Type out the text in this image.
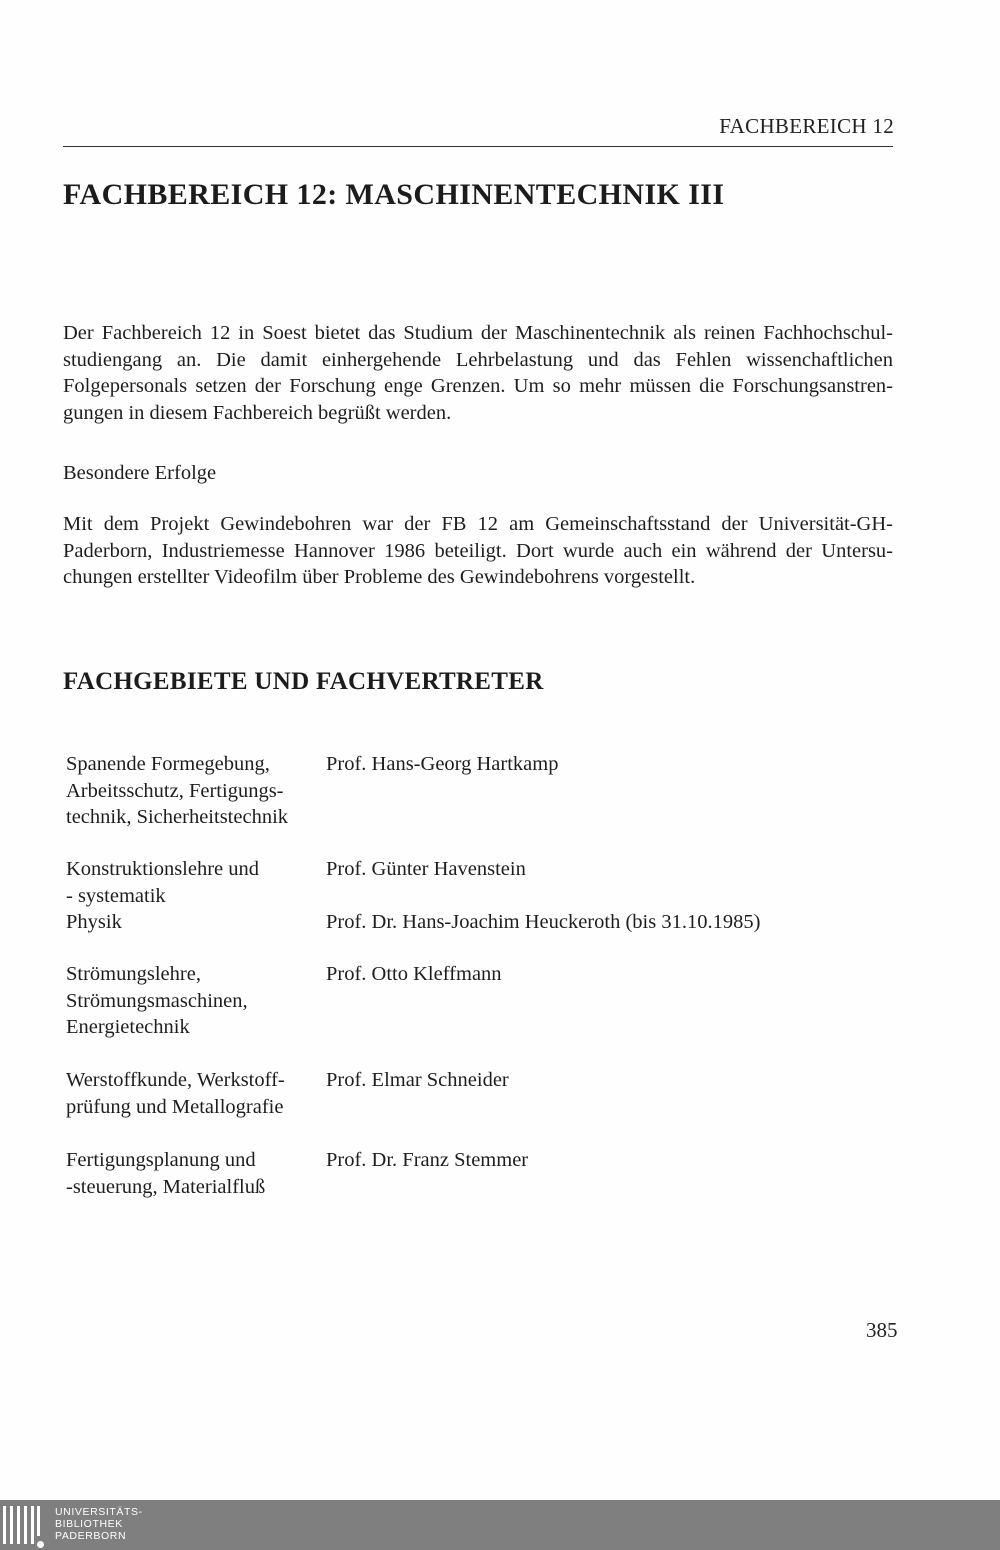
FACHBEREICH 12
FACHBEREICH 12: MASCHINENTECHNIK III

Der Fachbereich 12 in Soest bietet das Studium der Maschinentechnik als reinen Fachhochschul-studiengang an. Die damit einhergehende Lehrbelastung und das Fehlen wissenchaftlichen Folgepersonals setzen der Forschung enge Grenzen. Um so mehr müssen die Forschungsanstren-gungen in diesem Fachbereich begrüßt werden.

Besondere Erfolge

Mit dem Projekt Gewindebohren war der FB 12 am Gemeinschaftsstand der Universität-GH-Paderborn, Industriemesse Hannover 1986 beteiligt. Dort wurde auch ein während der Untersu-chungen erstellter Videofilm über Probleme des Gewindebohrens vorgestellt.

FACHGEBIETE UND FACHVERTRETER
Spanende Formegebung,
Arbeitsschutz, Fertigungs-
technik, Sicherheitstechnik
Prof. Hans-Georg Hartkamp
Konstruktionslehre und
- systematik
Prof. Günter Havenstein
Physik	Prof. Dr. Hans-Joachim Heuckeroth (bis 31.10.1985)
Strömungslehre,
Strömungsmaschinen,
Energietechnik
Prof. Otto Kleffmann
Werstoffkunde, Werkstoff-
prüfung und Metallografie
Prof. Elmar Schneider
Fertigungsplanung und
-steuerung, Materialfluß
Prof. Dr. Franz Stemmer
385
UNIVERSITÄTS-
BIBLIOTHEK
PADERBORN
